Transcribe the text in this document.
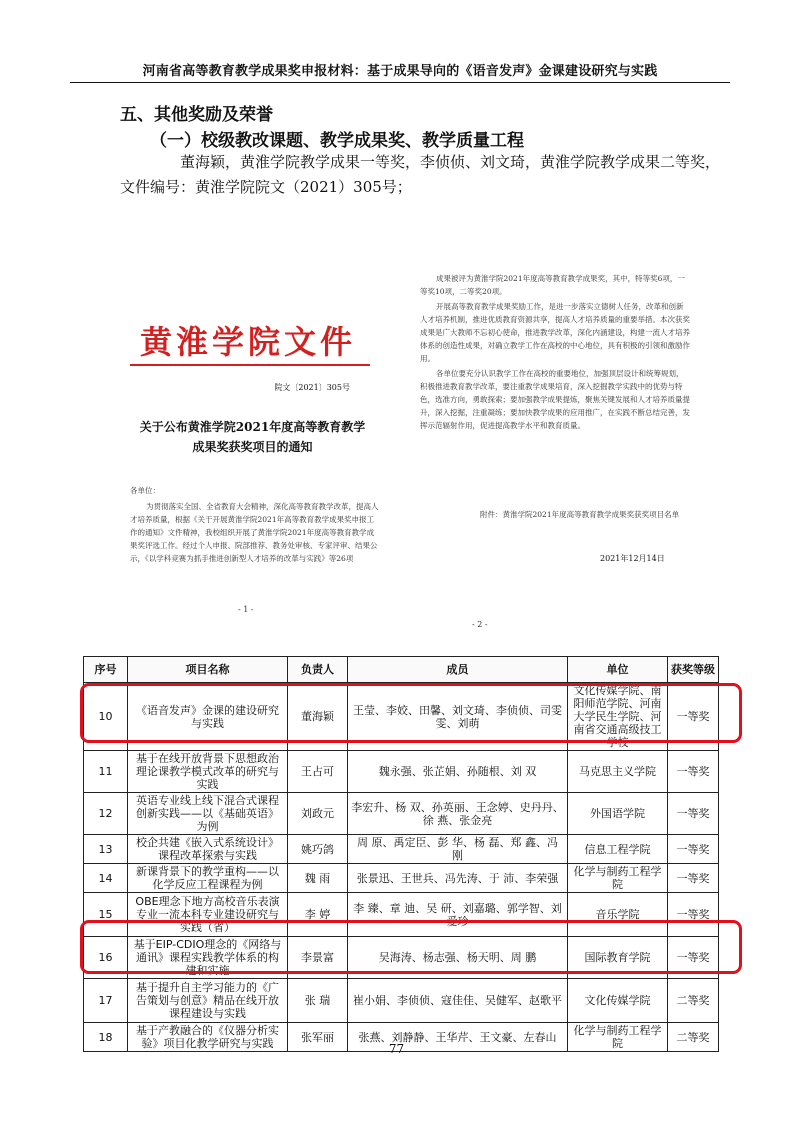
河南省高等教育教学成果奖申报材料：基于成果导向的《语音发声》金课建设研究与实践
五、其他奖励及荣誉
（一）校级教改课题、教学成果奖、教学质量工程
董海颖，黄淮学院教学成果一等奖，李侦侦、刘文琦，黄淮学院教学成果二等奖，文件编号：黄淮学院院文（2021）305号；
黄淮学院文件
院文〔2021〕305号
关于公布黄淮学院2021年度高等教育教学
成果奖获奖项目的通知
各单位：
为贯彻落实全国、全省教育大会精神，深化高等教育教学改革，提高人才培养质量，根据《关于开展黄淮学院2021年高等教育教学成果奖申报工作的通知》文件精神，我校组织开展了黄淮学院2021年度高等教育教学成果奖评选工作。经过个人申报、院部推荐、教务处审核、专家评审、结果公示，《以学科竞赛为抓手推进创新型人才培养的改革与实践》等26项
- 1 -

成果被评为黄淮学院2021年度高等教育教学成果奖，其中，特等奖6项，一等奖10项，二等奖20项。

开展高等教育教学成果奖励工作，是进一步落实立德树人任务，改革和创新人才培养机制，推进优质教育资源共享，提高人才培养质量的重要举措。本次获奖成果是广大教师不忘初心使命，推进教学改革，深化内涵建设，构建一流人才培养体系的创造性成果，对确立教学工作在高校的中心地位，具有积极的引领和激励作用。

各单位要充分认识教学工作在高校的重要地位，加强顶层设计和统筹规划，积极推进教育教学改革，要注重教学成果培育，深入挖掘教学实践中的优势与特色，选准方向，勇敢探索；要加强教学成果提炼，聚焦关键发展和人才培养质量提升，深入挖掘，注重凝练；要加快教学成果的应用推广，在实践不断总结完善，发挥示范辐射作用，促进提高教学水平和教育质量。

附件：黄淮学院2021年度高等教育教学成果奖获奖项目名单
2021年12月14日
- 2 -
序号	项目名称	负责人	成员	单位	获奖等级
10	《语音发声》金课的建设研究与实践	董海颖	王莹、李姣、田馨、刘文琦、李侦侦、司雯雯、刘萌	文化传媒学院、南阳师范学院、河南大学民生学院、河南省交通高级技工学校	一等奖
11	基于在线开放背景下思想政治理论课教学模式改革的研究与实践	王占可	魏永强、张芷娟、孙随根、刘 双	马克思主义学院	一等奖
12	英语专业线上线下混合式课程创新实践——以《基础英语》为例	刘政元	李宏升、杨 双、孙英丽、王念婷、史丹丹、徐 燕、张金亮	外国语学院	一等奖
13	校企共建《嵌入式系统设计》课程改革探索与实践	姚巧鸽	周 原、禹定臣、彭 华、杨 磊、郑 鑫、冯 刚	信息工程学院	一等奖
14	新课背景下的教学重构——以化学反应工程课程为例	魏 雨	张景迅、王世兵、冯先涛、于 沛、李荣强	化学与制药工程学院	一等奖
15	OBE理念下地方高校音乐表演专业一流本科专业建设研究与实践（省）	李 婷	李 臻、章 迪、吴 研、刘嘉璐、郭学智、刘爱珍	音乐学院	一等奖
16	基于EIP-CDIO理念的《网络与通讯》课程实践教学体系的构建和实施	李景富	吴海涛、杨志强、杨天明、周 鹏	国际教育学院	一等奖
17	基于提升自主学习能力的《广告策划与创意》精品在线开放课程建设与实践	张 瑞	崔小娟、李侦侦、寇佳佳、吴健军、赵歌平	文化传媒学院	二等奖
18	基于产教融合的《仪器分析实验》项目化教学研究与实践	张军丽	张燕、刘静静、王华芹、王文豪、左春山	化学与制药工程学院	二等奖
77
